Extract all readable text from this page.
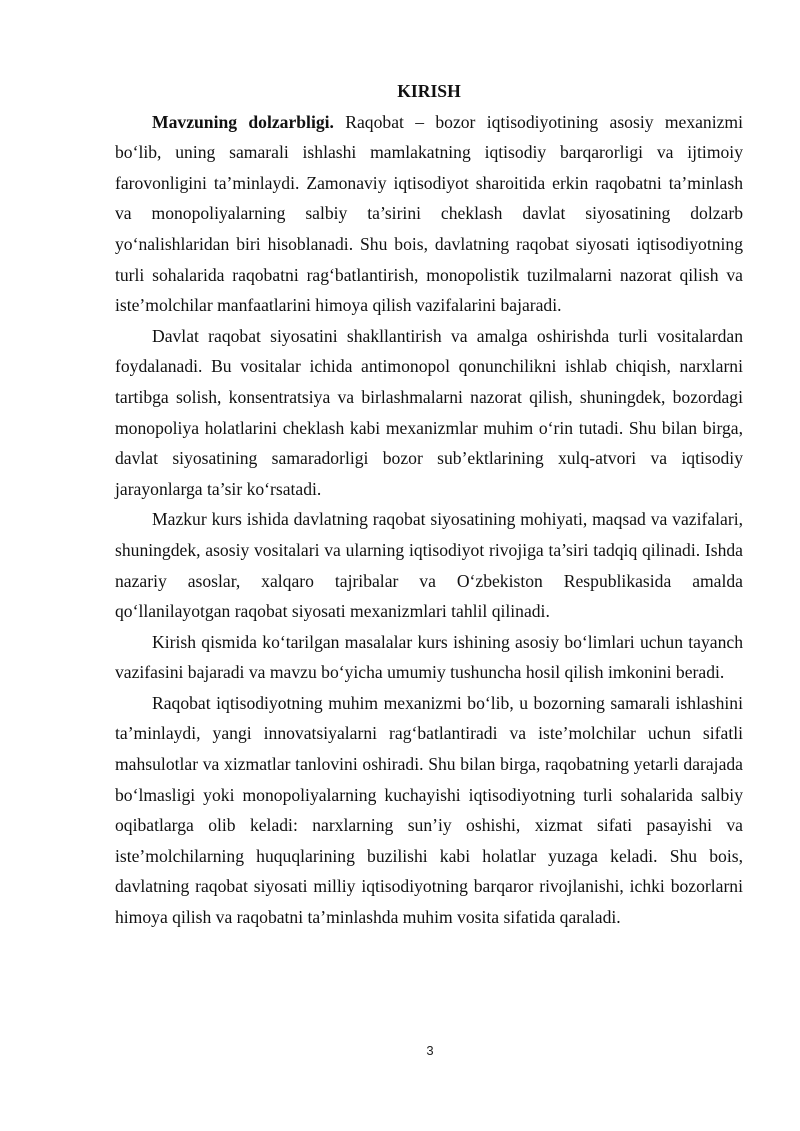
KIRISH

Mavzuning dolzarbligi. Raqobat – bozor iqtisodiyotining asosiy mexanizmi bo‘lib, uning samarali ishlashi mamlakatning iqtisodiy barqarorligi va ijtimoiy farovonligini ta’minlaydi. Zamonaviy iqtisodiyot sharoitida erkin raqobatni ta’minlash va monopoliyalarning salbiy ta’sirini cheklash davlat siyosatining dolzarb yo‘nalishlaridan biri hisoblanadi. Shu bois, davlatning raqobat siyosati iqtisodiyotning turli sohalarida raqobatni rag‘batlantirish, monopolistik tuzilmalarni nazorat qilish va iste’molchilar manfaatlarini himoya qilish vazifalarini bajaradi.

Davlat raqobat siyosatini shakllantirish va amalga oshirishda turli vositalardan foydalanadi. Bu vositalar ichida antimonopol qonunchilikni ishlab chiqish, narxlarni tartibga solish, konsentratsiya va birlashmalarni nazorat qilish, shuningdek, bozordagi monopoliya holatlarini cheklash kabi mexanizmlar muhim o‘rin tutadi. Shu bilan birga, davlat siyosatining samaradorligi bozor sub’ektlarining xulq-atvori va iqtisodiy jarayonlarga ta’sir ko‘rsatadi.

Mazkur kurs ishida davlatning raqobat siyosatining mohiyati, maqsad va vazifalari, shuningdek, asosiy vositalari va ularning iqtisodiyot rivojiga ta’siri tadqiq qilinadi. Ishda nazariy asoslar, xalqaro tajribalar va O‘zbekiston Respublikasida amalda qo‘llanilayotgan raqobat siyosati mexanizmlari tahlil qilinadi.

Kirish qismida ko‘tarilgan masalalar kurs ishining asosiy bo‘limlari uchun tayanch vazifasini bajaradi va mavzu bo‘yicha umumiy tushuncha hosil qilish imkonini beradi.

Raqobat iqtisodiyotning muhim mexanizmi bo‘lib, u bozorning samarali ishlashini ta’minlaydi, yangi innovatsiyalarni rag‘batlantiradi va iste’molchilar uchun sifatli mahsulotlar va xizmatlar tanlovini oshiradi. Shu bilan birga, raqobatning yetarli darajada bo‘lmasligi yoki monopoliyalarning kuchayishi iqtisodiyotning turli sohalarida salbiy oqibatlarga olib keladi: narxlarning sun’iy oshishi, xizmat sifati pasayishi va iste’molchilarning huquqlarining buzilishi kabi holatlar yuzaga keladi. Shu bois, davlatning raqobat siyosati milliy iqtisodiyotning barqaror rivojlanishi, ichki bozorlarni himoya qilish va raqobatni ta’minlashda muhim vosita sifatida qaraladi.

3
